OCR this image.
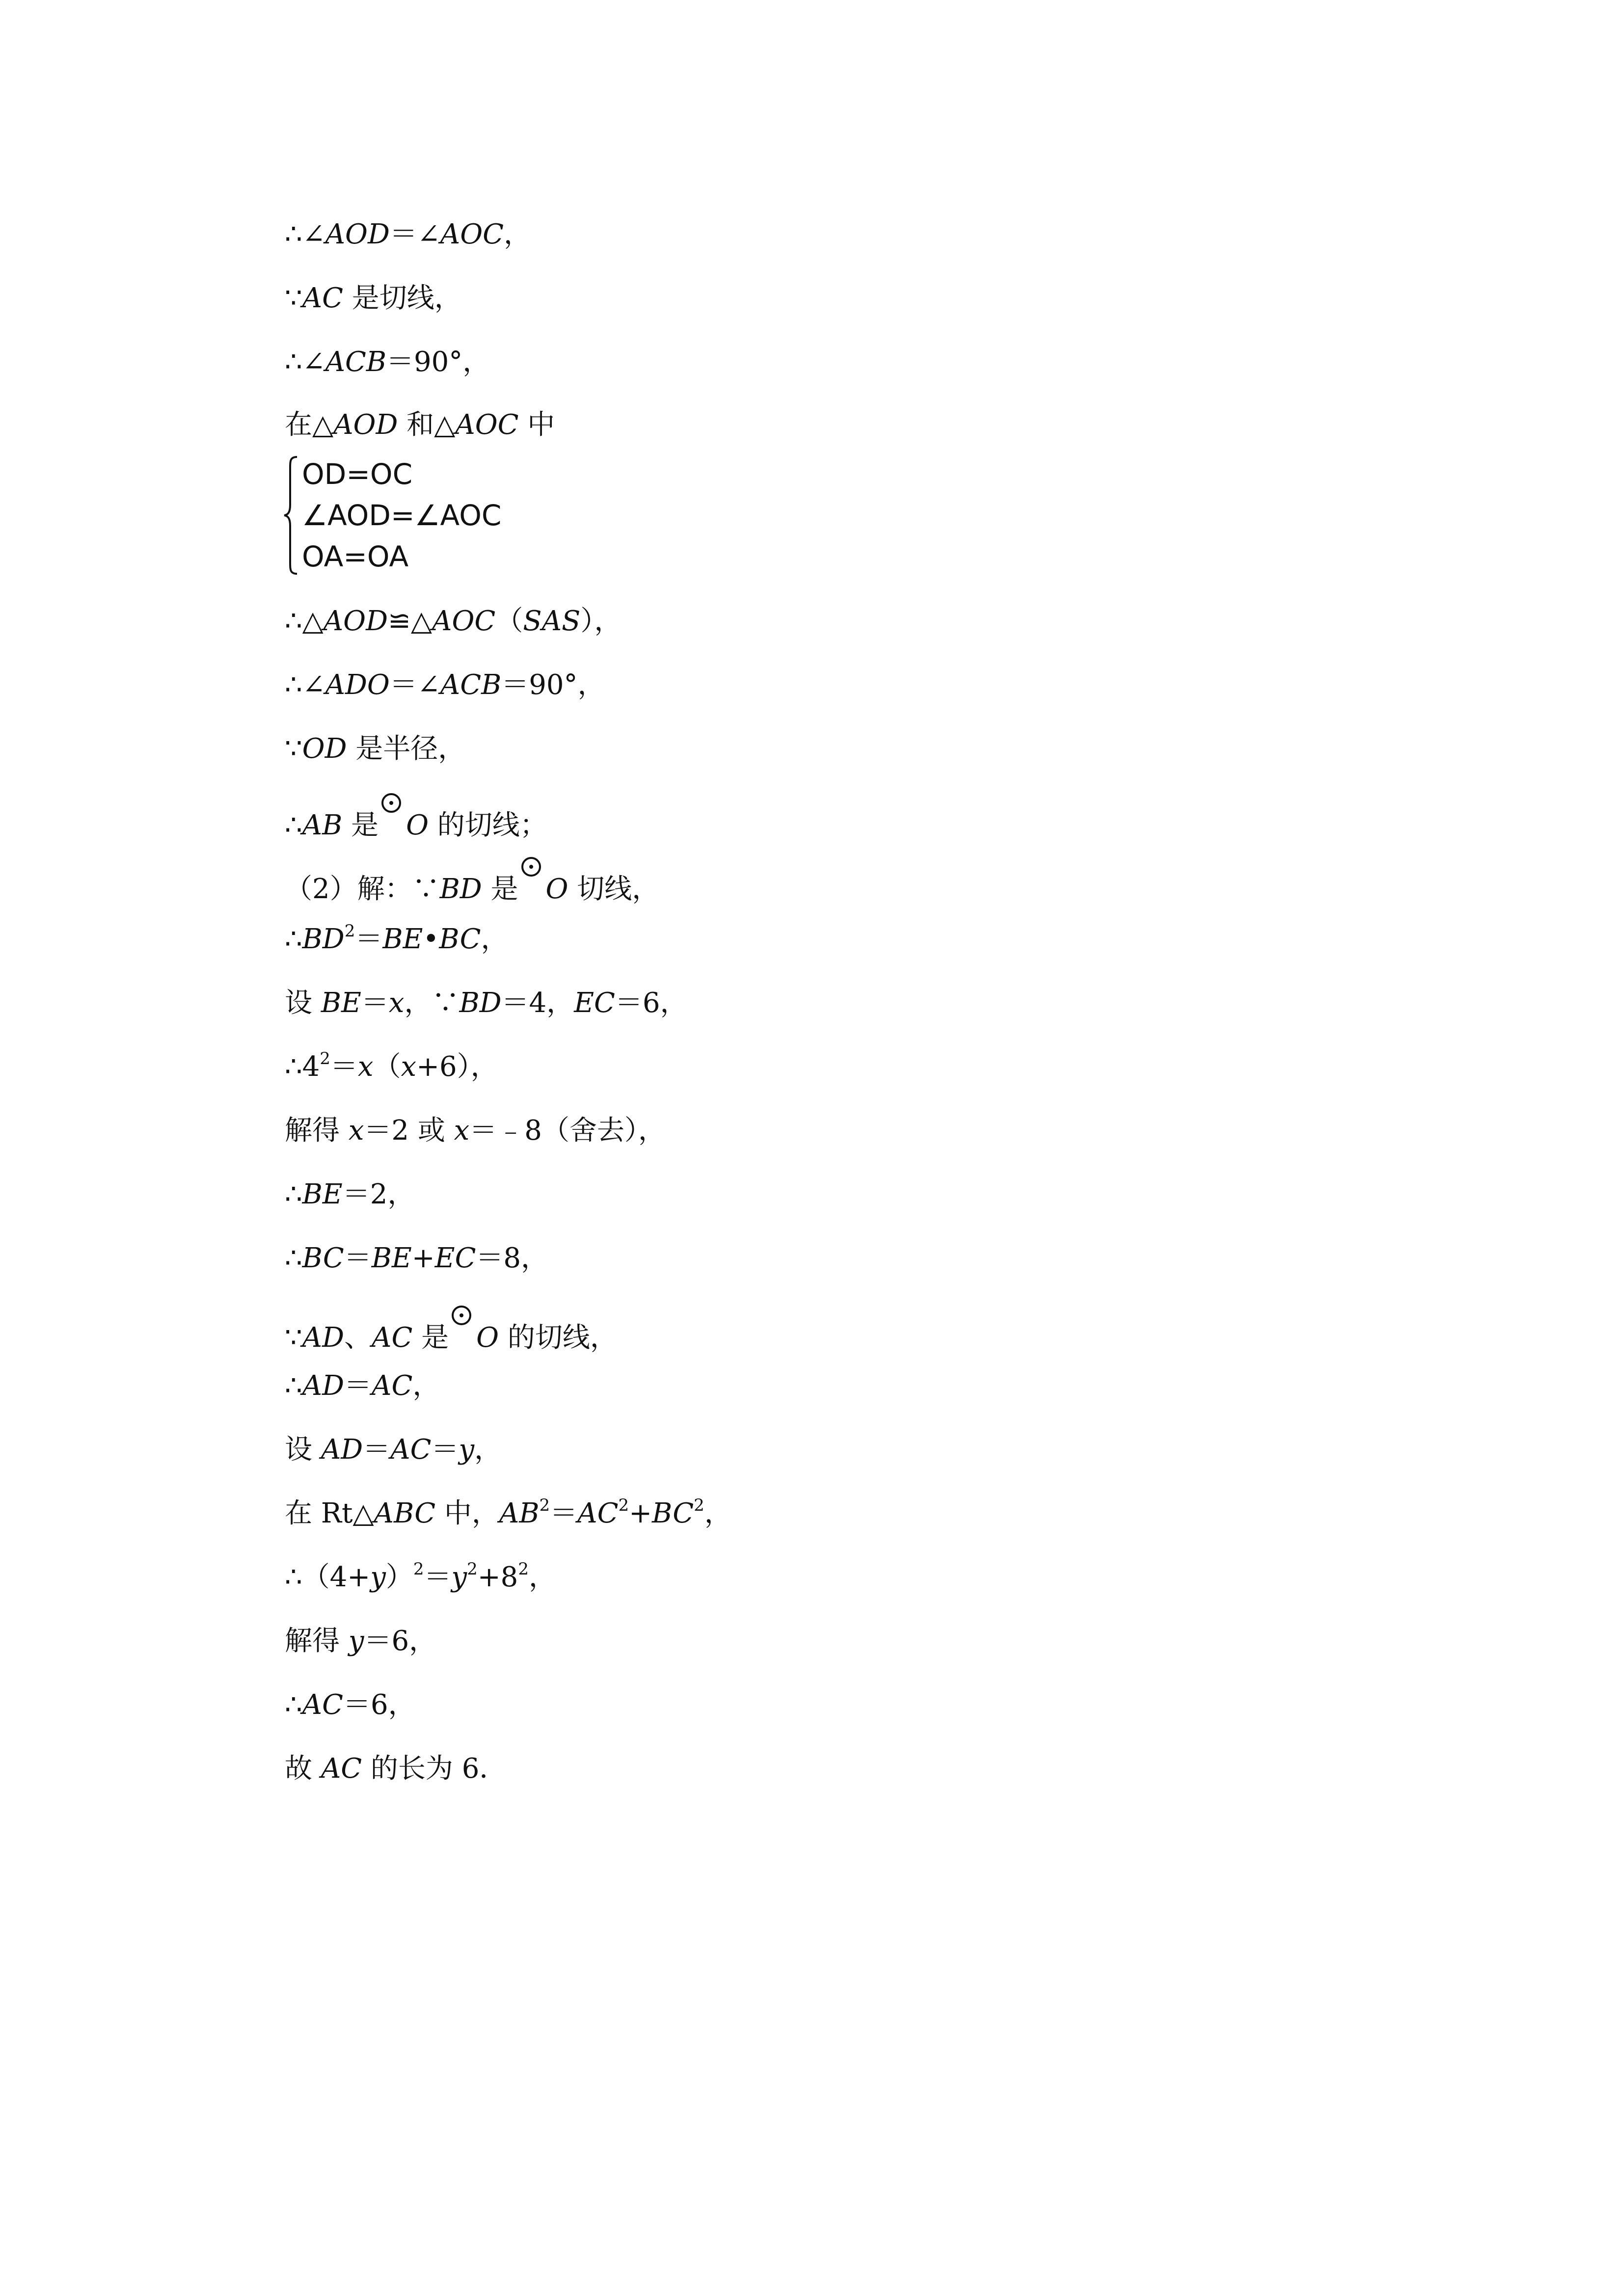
∴∠AOD＝∠AOC，
∵AC 是切线，
∴∠ACB＝90°，
在△AOD 和△AOC 中
OD=OC
∠AOD=∠AOC
OA=OA
∴△AOD≌△AOC（SAS），
∴∠ADO＝∠ACB＝90°，
∵OD 是半径，
∴AB 是 O 的切线；
（2）解：∵BD 是 O 切线，
$\therefore BD^2=BE•BC$，
设 BE＝x，∵BD＝4，EC＝6，
$\therefore 4^2=x(x+6)$，
解得 x＝2 或 x＝﹣8（舍去），
∴BE＝2，
∴BC＝BE+EC＝8，
∵AD、AC 是 O 的切线，
∴AD＝AC，
设 AD＝AC＝y，
在 Rt△ABC 中，$AB^2=AC^2+BC^2$，
$\therefore(4+y)^2=y^2+8^2$，
解得 y＝6，
∴AC＝6，
故 AC 的长为 6．
